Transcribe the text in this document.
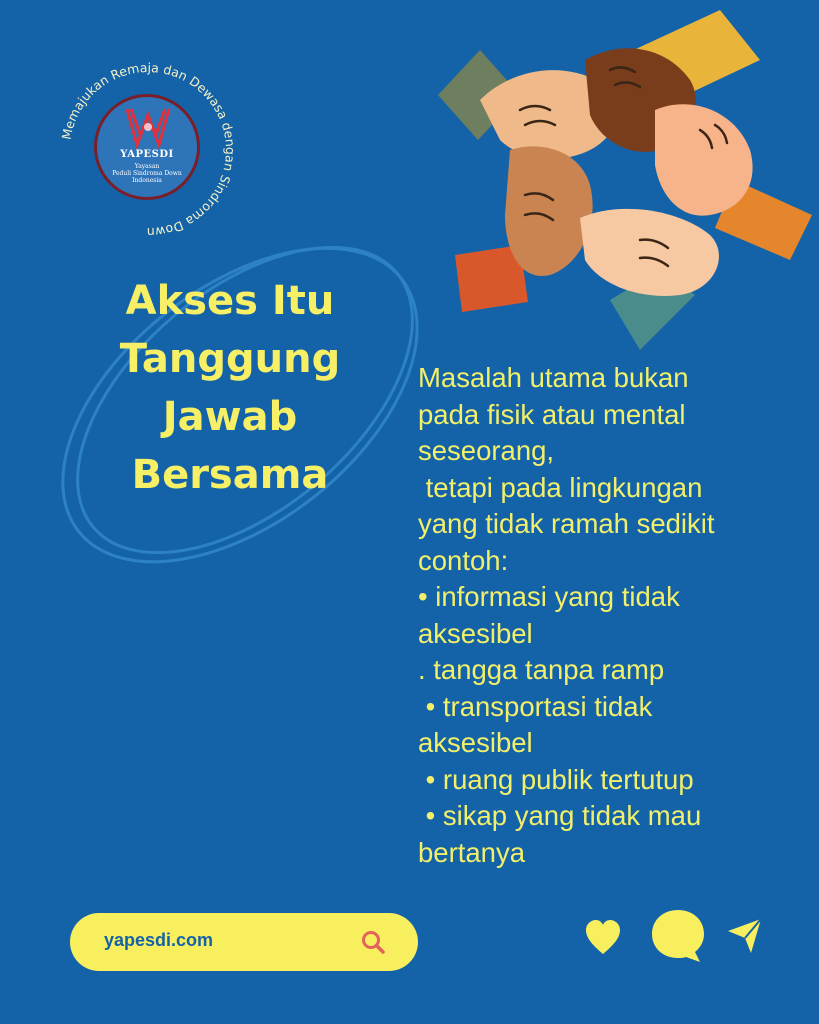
Memajukan Remaja dan Dewasa dengan Sindroma Down
YAPESDI
Yayasan
Peduli Sindroma Down
Indonesia
Akses Itu
Tanggung
Jawab
Bersama
Masalah utama bukan
pada fisik atau mental
seseorang,
tetapi pada lingkungan
yang tidak ramah sedikit
contoh:
• informasi yang tidak
aksesibel
. tangga tanpa ramp
• transportasi tidak
aksesibel
• ruang publik tertutup
• sikap yang tidak mau
bertanya
yapesdi.com
